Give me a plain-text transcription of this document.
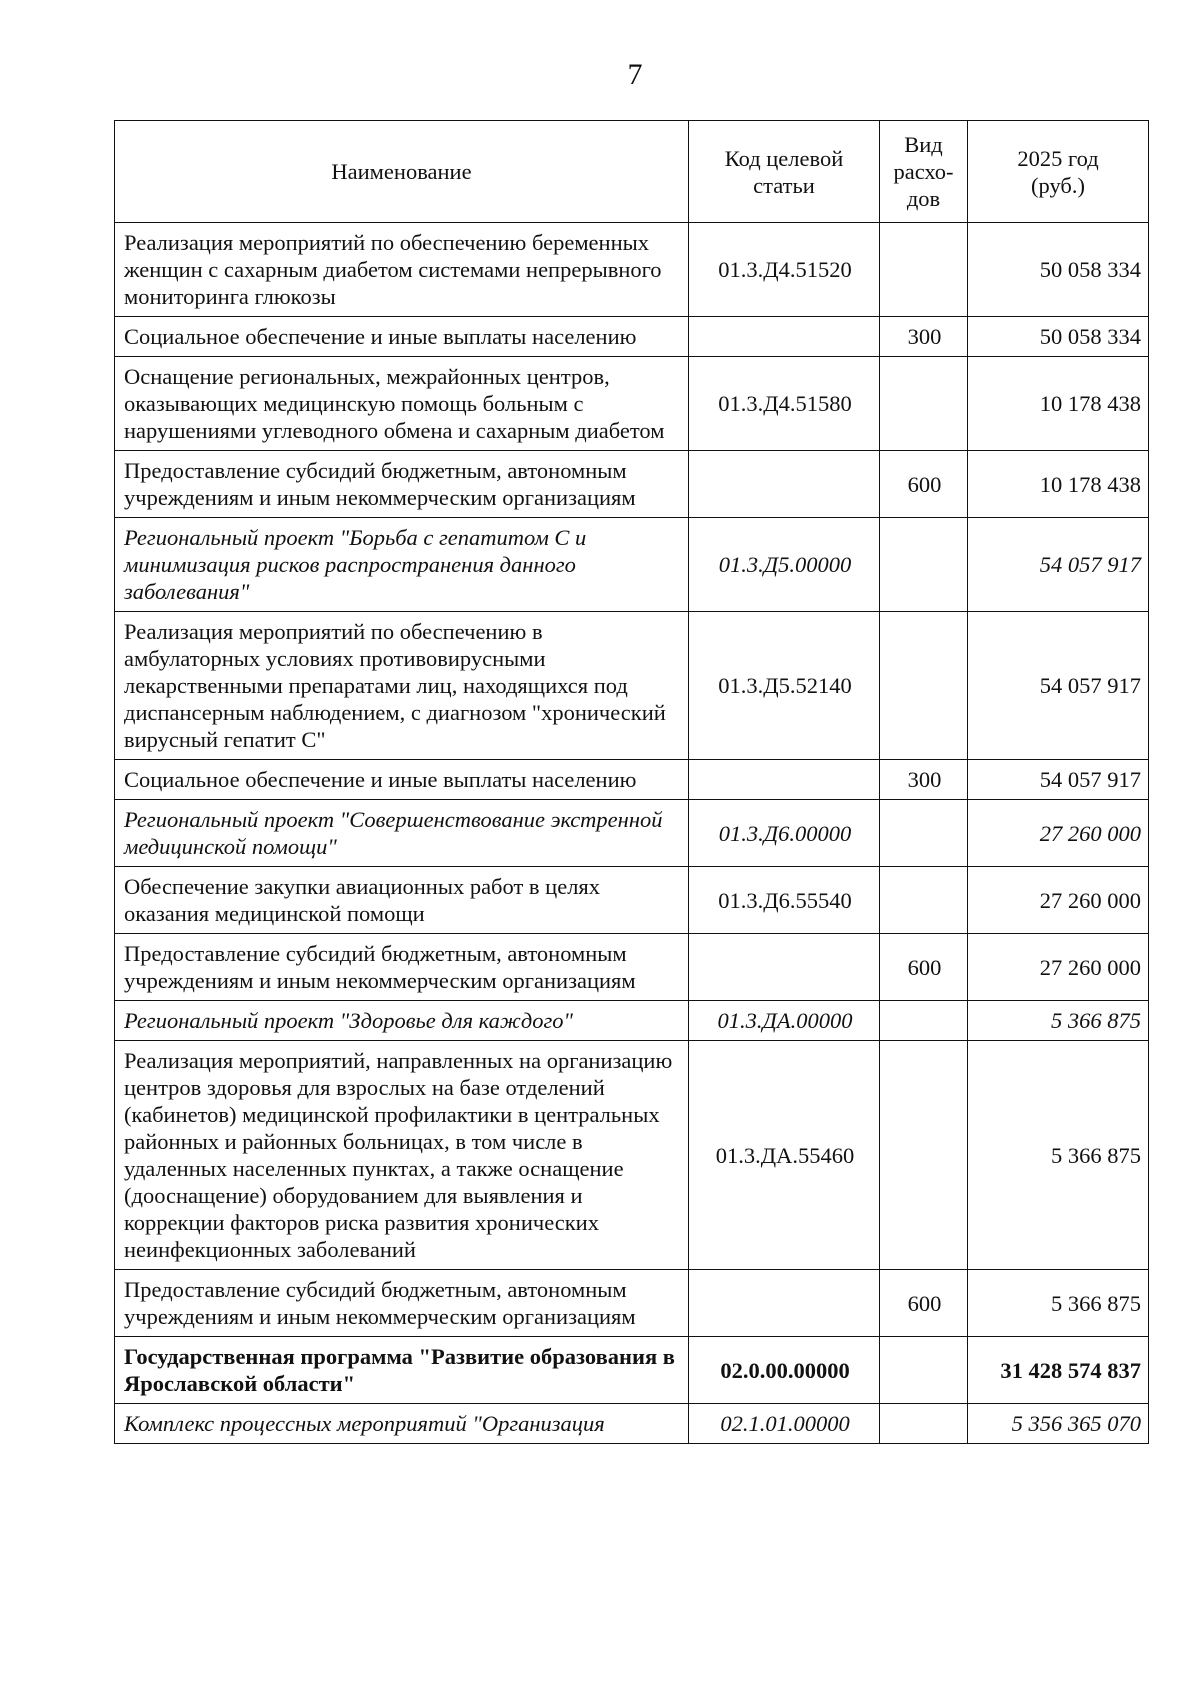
7
Наименование	Код целевой статьи	Вид расхо-дов	2025 год (руб.)
Реализация мероприятий по обеспечению беременных женщин с сахарным диабетом системами непрерывного мониторинга глюкозы	01.3.Д4.51520		50 058 334
Социальное обеспечение и иные выплаты населению		300	50 058 334
Оснащение региональных, межрайонных центров, оказывающих медицинскую помощь больным с нарушениями углеводного обмена и сахарным диабетом	01.3.Д4.51580		10 178 438
Предоставление субсидий бюджетным, автономным учреждениям и иным некоммерческим организациям		600	10 178 438
Региональный проект "Борьба с гепатитом С и минимизация рисков распространения данного заболевания"	01.3.Д5.00000		54 057 917
Реализация мероприятий по обеспечению в амбулаторных условиях противовирусными лекарственными препаратами лиц, находящихся под диспансерным наблюдением, с диагнозом "хронический вирусный гепатит С"	01.3.Д5.52140		54 057 917
Социальное обеспечение и иные выплаты населению		300	54 057 917
Региональный проект "Совершенствование экстренной медицинской помощи"	01.3.Д6.00000		27 260 000
Обеспечение закупки авиационных работ в целях оказания медицинской помощи	01.3.Д6.55540		27 260 000
Предоставление субсидий бюджетным, автономным учреждениям и иным некоммерческим организациям		600	27 260 000
Региональный проект "Здоровье для каждого"	01.3.ДА.00000		5 366 875
Реализация мероприятий, направленных на организацию центров здоровья для взрослых на базе отделений (кабинетов) медицинской профилактики в центральных районных и районных больницах, в том числе в удаленных населенных пунктах, а также оснащение (дооснащение) оборудованием для выявления и коррекции факторов риска развития хронических неинфекционных заболеваний	01.3.ДА.55460		5 366 875
Предоставление субсидий бюджетным, автономным учреждениям и иным некоммерческим организациям		600	5 366 875
Государственная программа "Развитие образования в Ярославской области"	02.0.00.00000		31 428 574 837
Комплекс процессных мероприятий "Организация	02.1.01.00000		5 356 365 070
